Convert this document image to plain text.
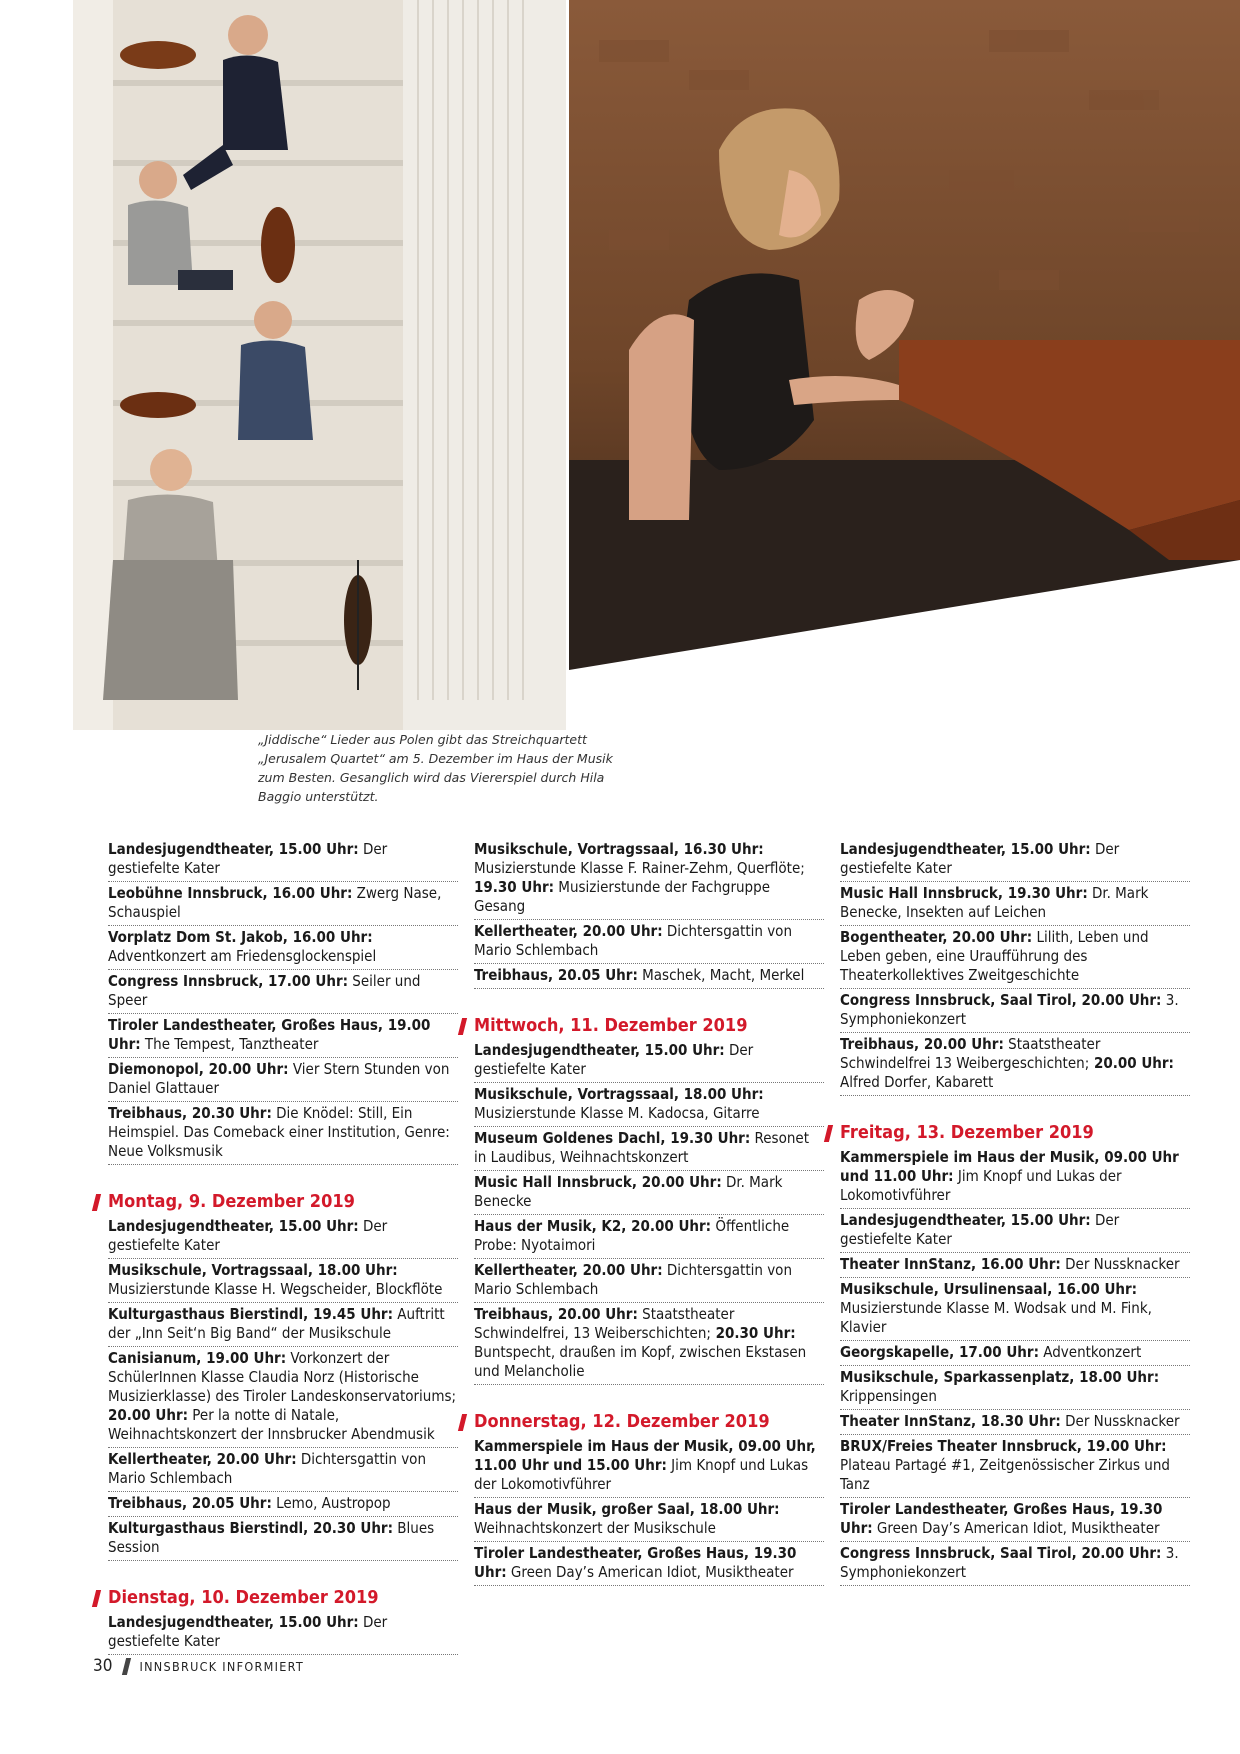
„Jiddische“ Lieder aus Polen gibt das Streichquartett „Jerusalem Quartet“ am 5. Dezember im Haus der Musik zum Besten. Gesanglich wird das Viererspiel durch Hila Baggio unterstützt.
Landesjugendtheater, 15.00 Uhr: Der gestiefelte Kater
Leobühne Innsbruck, 16.00 Uhr: Zwerg Nase, Schauspiel
Vorplatz Dom St. Jakob, 16.00 Uhr: Adventkonzert am Friedensglockenspiel
Congress Innsbruck, 17.00 Uhr: Seiler und Speer
Tiroler Landestheater, Großes Haus, 19.00 Uhr: The Tempest, Tanztheater
Diemonopol, 20.00 Uhr: Vier Stern Stunden von Daniel Glattauer
Treibhaus, 20.30 Uhr: Die Knödel: Still, Ein Heimspiel. Das Comeback einer Institution, Genre: Neue Volksmusik
Montag, 9. Dezember 2019
Landesjugendtheater, 15.00 Uhr: Der gestiefelte Kater
Musikschule, Vortragssaal, 18.00 Uhr: Musizierstunde Klasse H. Wegscheider, Blockflöte
Kulturgasthaus Bierstindl, 19.45 Uhr: Auftritt der „Inn Seit‘n Big Band“ der Musikschule
Canisianum, 19.00 Uhr: Vorkonzert der SchülerInnen Klasse Claudia Norz (Historische Musizierklasse) des Tiroler Landeskonservatoriums; 20.00 Uhr: Per la notte di Natale, Weihnachtskonzert der Innsbrucker Abendmusik
Kellertheater, 20.00 Uhr: Dichtersgattin von Mario Schlembach
Treibhaus, 20.05 Uhr: Lemo, Austropop
Kulturgasthaus Bierstindl, 20.30 Uhr: Blues Session
Dienstag, 10. Dezember 2019
Landesjugendtheater, 15.00 Uhr: Der gestiefelte Kater
Musikschule, Vortragssaal, 16.30 Uhr: Musizierstunde Klasse F. Rainer-Zehm, Querflöte; 19.30 Uhr: Musizierstunde der Fachgruppe Gesang
Kellertheater, 20.00 Uhr: Dichtersgattin von Mario Schlembach
Treibhaus, 20.05 Uhr: Maschek, Macht, Merkel
Mittwoch, 11. Dezember 2019
Landesjugendtheater, 15.00 Uhr: Der gestiefelte Kater
Musikschule, Vortragssaal, 18.00 Uhr: Musizierstunde Klasse M. Kadocsa, Gitarre
Museum Goldenes Dachl, 19.30 Uhr: Resonet in Laudibus, Weihnachtskonzert
Music Hall Innsbruck, 20.00 Uhr: Dr. Mark Benecke
Haus der Musik, K2, 20.00 Uhr: Öffentliche Probe: Nyotaimori
Kellertheater, 20.00 Uhr: Dichtersgattin von Mario Schlembach
Treibhaus, 20.00 Uhr: Staatstheater Schwindelfrei, 13 Weiberschichten; 20.30 Uhr: Buntspecht, draußen im Kopf, zwischen Ekstasen und Melancholie
Donnerstag, 12. Dezember 2019
Kammerspiele im Haus der Musik, 09.00 Uhr, 11.00 Uhr und 15.00 Uhr: Jim Knopf und Lukas der Lokomotivführer
Haus der Musik, großer Saal, 18.00 Uhr: Weihnachtskonzert der Musikschule
Tiroler Landestheater, Großes Haus, 19.30 Uhr: Green Day’s American Idiot, Musiktheater
Landesjugendtheater, 15.00 Uhr: Der gestiefelte Kater
Music Hall Innsbruck, 19.30 Uhr: Dr. Mark Benecke, Insekten auf Leichen
Bogentheater, 20.00 Uhr: Lilith, Leben und Leben geben, eine Uraufführung des Theaterkollektives Zweitgeschichte
Congress Innsbruck, Saal Tirol, 20.00 Uhr: 3. Symphoniekonzert
Treibhaus, 20.00 Uhr: Staatstheater Schwindelfrei 13 Weibergeschichten; 20.00 Uhr: Alfred Dorfer, Kabarett
Freitag, 13. Dezember 2019
Kammerspiele im Haus der Musik, 09.00 Uhr und 11.00 Uhr: Jim Knopf und Lukas der Lokomotivführer
Landesjugendtheater, 15.00 Uhr: Der gestiefelte Kater
Theater InnStanz, 16.00 Uhr: Der Nussknacker
Musikschule, Ursulinensaal, 16.00 Uhr: Musizierstunde Klasse M. Wodsak und M. Fink, Klavier
Georgskapelle, 17.00 Uhr: Adventkonzert
Musikschule, Sparkassenplatz, 18.00 Uhr: Krippensingen
Theater InnStanz, 18.30 Uhr: Der Nussknacker
BRUX/Freies Theater Innsbruck, 19.00 Uhr: Plateau Partagé #1, Zeitgenössischer Zirkus und Tanz
Tiroler Landestheater, Großes Haus, 19.30 Uhr: Green Day’s American Idiot, Musiktheater
Congress Innsbruck, Saal Tirol, 20.00 Uhr: 3. Symphoniekonzert
30 INNSBRUCK INFORMIERT
